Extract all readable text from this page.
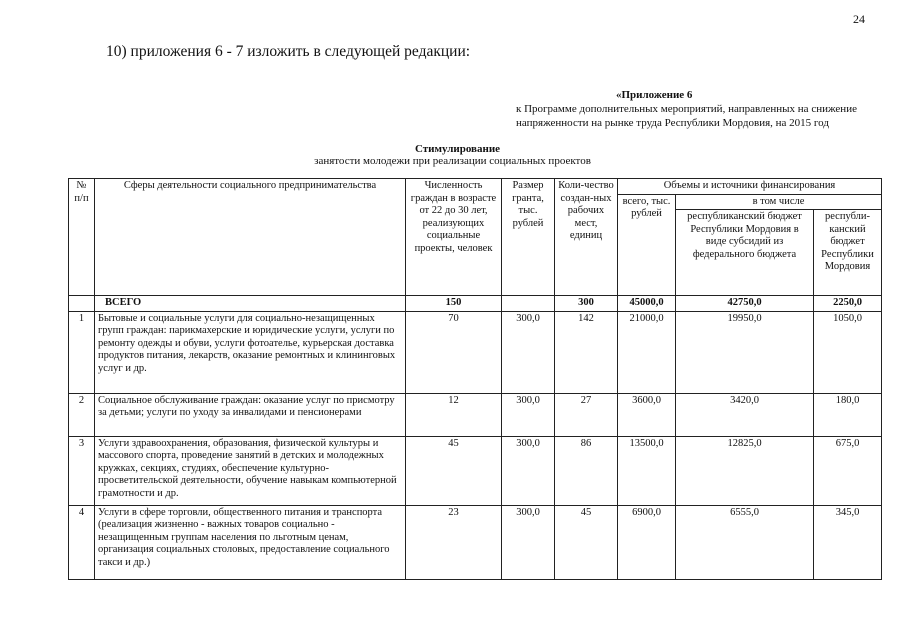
24
10) приложения 6 - 7 изложить в следующей редакции:
«Приложение 6
к Программе дополнительных мероприятий, направленных на снижение
напряженности на рынке труда Республики Мордовия, на 2015 год
Стимулирование
занятости молодежи при реализации социальных проектов
№ п/п	Сферы деятельности социального предпринимательства	Численность граждан в возрасте от 22 до 30 лет, реализующих социальные проекты, человек	Размер гранта, тыс. рублей	Коли-чество создан-ных рабочих мест, единиц	Объемы и источники финансирования		
					всего, тыс. рублей	в том числе	
						республиканский бюджет Республики Мордовия в виде субсидий из федерального бюджета	республи-канский бюджет Республики Мордовия
	ВСЕГО	150		300	45000,0	42750,0	2250,0
1	Бытовые и социальные услуги для социально-незащищенных групп граждан: парикмахерские и юридические услуги, услуги по ремонту одежды и обуви, услуги фотоателье, курьерская доставка продуктов питания, лекарств, оказание ремонтных и клининговых услуг и др.	70	300,0	142	21000,0	19950,0	1050,0
2	Социальное обслуживание граждан: оказание услуг по присмотру за детьми; услуги по уходу за инвалидами и пенсионерами	12	300,0	27	3600,0	3420,0	180,0
3	Услуги здравоохранения, образования, физической культуры и массового спорта, проведение занятий в детских и молодежных кружках, секциях, студиях, обеспечение культурно-просветительской деятельности, обучение навыкам компьютерной грамотности и др.	45	300,0	86	13500,0	12825,0	675,0
4	Услуги в сфере торговли, общественного питания и транспорта (реализация жизненно - важных товаров социально - незащищенным группам населения по льготным ценам, организация социальных столовых, предоставление социального такси и др.)	23	300,0	45	6900,0	6555,0	345,0
